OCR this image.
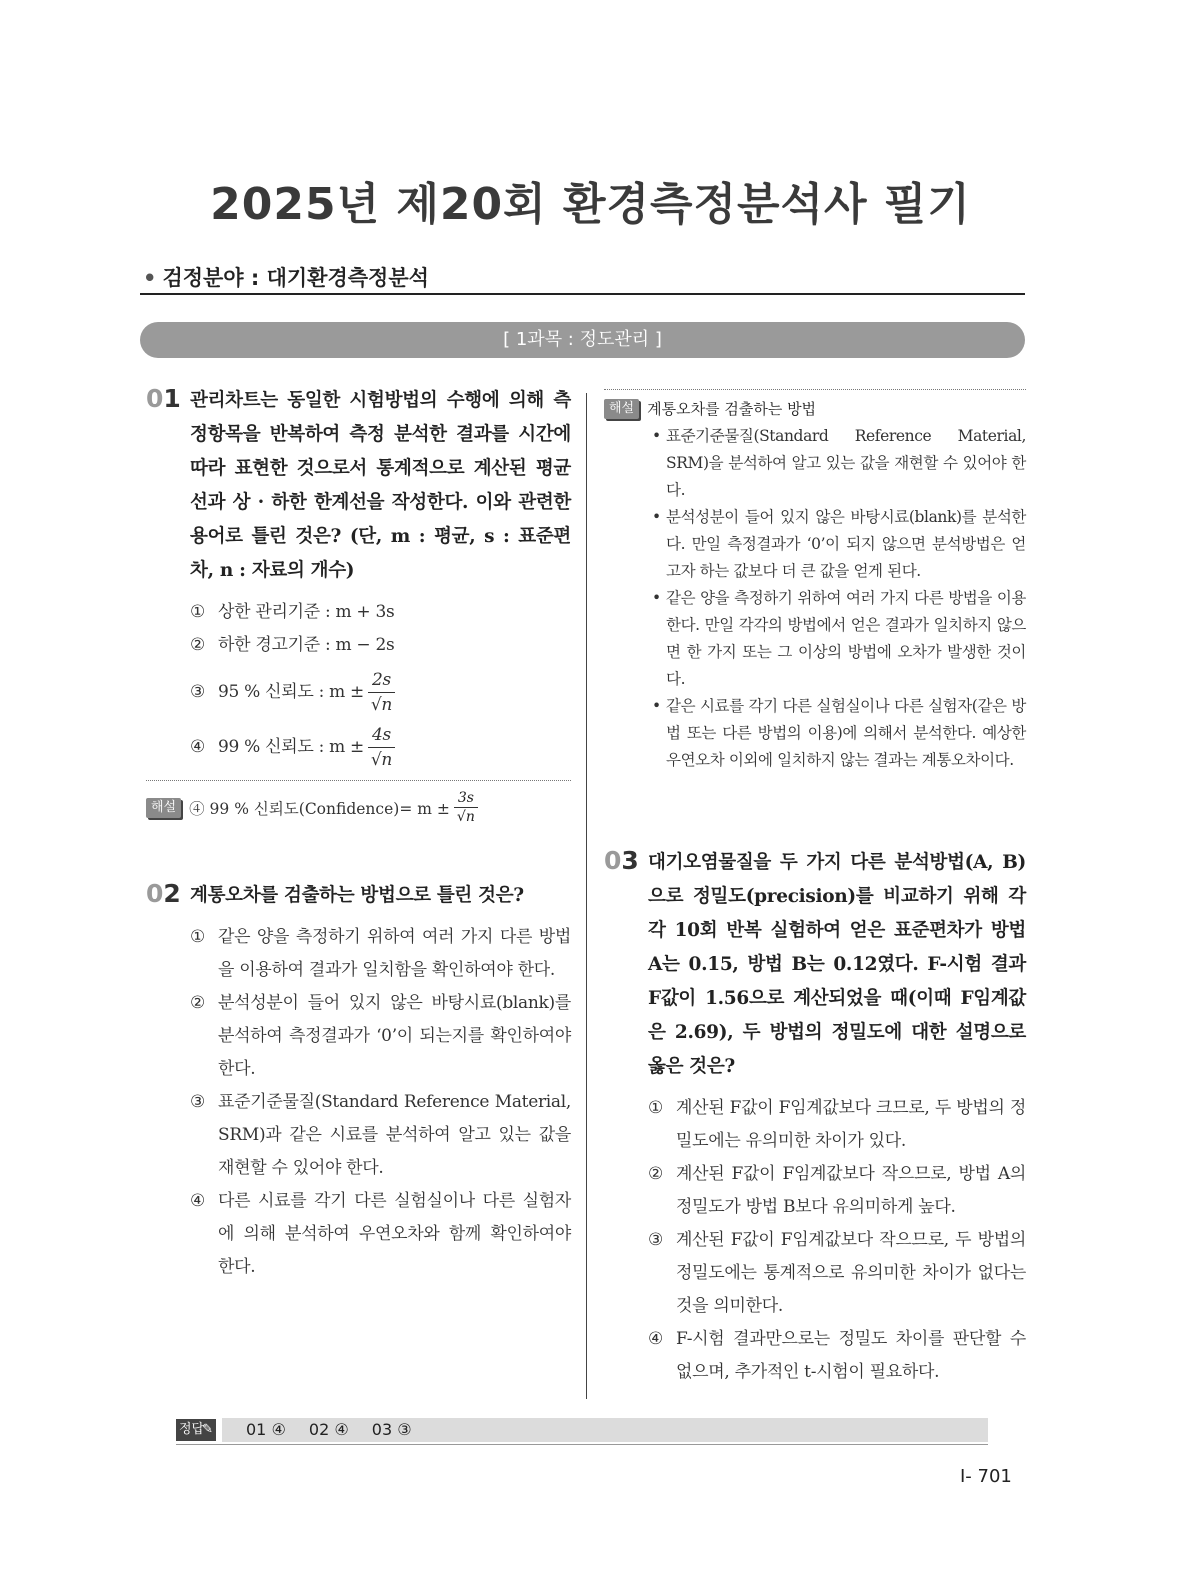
2025년 제20회 환경측정분석사 필기
• 검정분야 : 대기환경측정분석
[ 1과목 : 정도관리 ]
01 관리차트는 동일한 시험방법의 수행에 의해 측정항목을 반복하여 측정 분석한 결과를 시간에 따라 표현한 것으로서 통계적으로 계산된 평균선과 상 · 하한 한계선을 작성한다. 이와 관련한 용어로 틀린 것은? (단, m : 평균, s : 표준편차, n : 자료의 개수)
① 상한 관리기준 : m + 3s
② 하한 경고기준 : m − 2s
③ 95 % 신뢰도 : $m \pm \frac{2s}{√n}$
④ 99 % 신뢰도 : $m \pm \frac{4s}{√n}$
해설 ④ 99 % 신뢰도(Confidence)= $m \pm \frac{3s}{√n}$
02 계통오차를 검출하는 방법으로 틀린 것은?
① 같은 양을 측정하기 위하여 여러 가지 다른 방법을 이용하여 결과가 일치함을 확인하여야 한다.
② 분석성분이 들어 있지 않은 바탕시료(blank)를 분석하여 측정결과가 ‘0’이 되는지를 확인하여야 한다.
③ 표준기준물질(Standard Reference Material, SRM)과 같은 시료를 분석하여 알고 있는 값을 재현할 수 있어야 한다.
④ 다른 시료를 각기 다른 실험실이나 다른 실험자에 의해 분석하여 우연오차와 함께 확인하여야 한다.
해설 계통오차를 검출하는 방법
• 표준기준물질(Standard Reference Material, SRM)을 분석하여 알고 있는 값을 재현할 수 있어야 한다.
• 분석성분이 들어 있지 않은 바탕시료(blank)를 분석한다. 만일 측정결과가 ‘0’이 되지 않으면 분석방법은 얻고자 하는 값보다 더 큰 값을 얻게 된다.
• 같은 양을 측정하기 위하여 여러 가지 다른 방법을 이용한다. 만일 각각의 방법에서 얻은 결과가 일치하지 않으면 한 가지 또는 그 이상의 방법에 오차가 발생한 것이다.
• 같은 시료를 각기 다른 실험실이나 다른 실험자(같은 방법 또는 다른 방법의 이용)에 의해서 분석한다. 예상한 우연오차 이외에 일치하지 않는 결과는 계통오차이다.
03 대기오염물질을 두 가지 다른 분석방법(A, B)으로 정밀도(precision)를 비교하기 위해 각각 10회 반복 실험하여 얻은 표준편차가 방법 A는 0.15, 방법 B는 0.12였다. F-시험 결과 F값이 1.56으로 계산되었을 때(이때 F임계값은 2.69), 두 방법의 정밀도에 대한 설명으로 옳은 것은?
① 계산된 F값이 F임계값보다 크므로, 두 방법의 정밀도에는 유의미한 차이가 있다.
② 계산된 F값이 F임계값보다 작으므로, 방법 A의 정밀도가 방법 B보다 유의미하게 높다.
③ 계산된 F값이 F임계값보다 작으므로, 두 방법의 정밀도에는 통계적으로 유의미한 차이가 없다는 것을 의미한다.
④ F-시험 결과만으로는 정밀도 차이를 판단할 수 없으며, 추가적인 t-시험이 필요하다.
정답
✎ 01 ④ 02 ④ 03 ③
Ⅰ- 701
